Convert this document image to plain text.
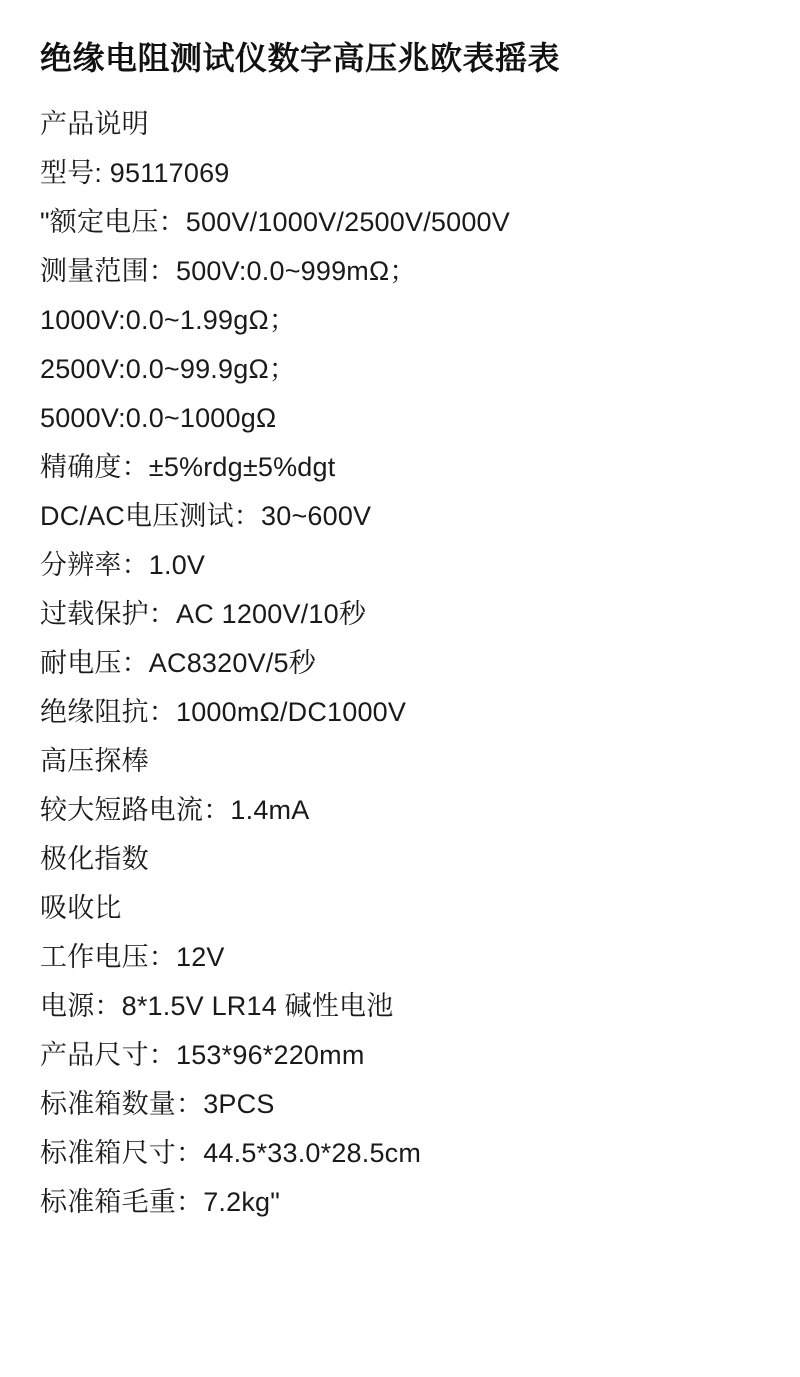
绝缘电阻测试仪数字高压兆欧表摇表
产品说明
型号: 95117069
"额定电压：500V/1000V/2500V/5000V
测量范围：500V:0.0~999mΩ；
1000V:0.0~1.99gΩ；
2500V:0.0~99.9gΩ；
5000V:0.0~1000gΩ
精确度：±5%rdg±5%dgt
DC/AC电压测试：30~600V
分辨率：1.0V
过载保护：AC 1200V/10秒
耐电压：AC8320V/5秒
绝缘阻抗：1000mΩ/DC1000V
高压探棒
较大短路电流：1.4mA
极化指数
吸收比
工作电压：12V
电源：8*1.5V LR14 碱性电池
产品尺寸：153*96*220mm
标准箱数量：3PCS
标准箱尺寸：44.5*33.0*28.5cm
标准箱毛重：7.2kg"
